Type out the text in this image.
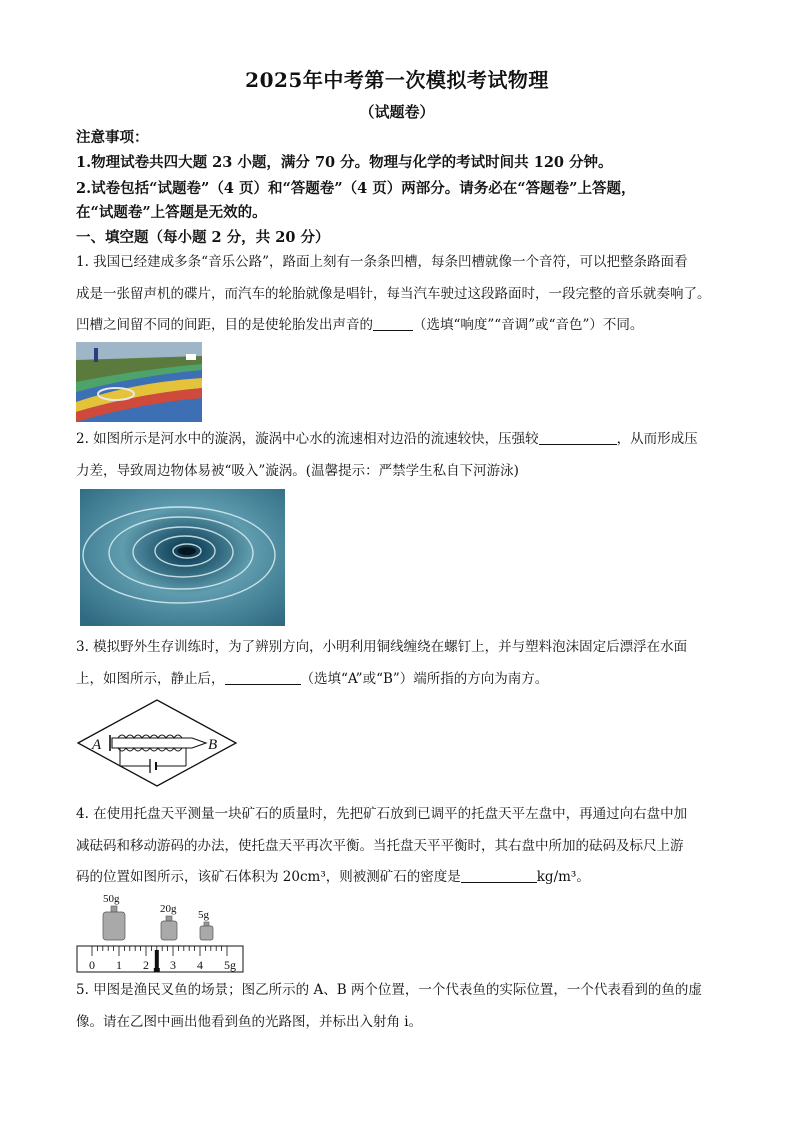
2025年中考第一次模拟考试物理
（试题卷）
注意事项：
1.物理试卷共四大题 23 小题，满分 70 分。物理与化学的考试时间共 120 分钟。
2.试卷包括“试题卷”（4 页）和“答题卷”（4 页）两部分。请务必在“答题卷”上答题，
在“试题卷”上答题是无效的。
一、填空题（每小题 2 分，共 20 分）
1. 我国已经建成多条“音乐公路”，路面上刻有一条条凹槽，每条凹槽就像一个音符，可以把整条路面看
成是一张留声机的碟片，而汽车的轮胎就像是唱针，每当汽车驶过这段路面时，一段完整的音乐就奏响了。
凹槽之间留不同的间距，目的是使轮胎发出声音的	（选填“响度”“音调”或“音色”）不同。
2. 如图所示是河水中的漩涡，漩涡中心水的流速相对边沿的流速较快，压强较	，从而形成压
力差，导致周边物体易被“吸入”漩涡。(温馨提示：严禁学生私自下河游泳)
3. 模拟野外生存训练时，为了辨别方向，小明利用铜线缠绕在螺钉上，并与塑料泡沫固定后漂浮在水面
上，如图所示，静止后，	（选填“A”或“B”）端所指的方向为南方。
A	B
4. 在使用托盘天平测量一块矿石的质量时，先把矿石放到已调平的托盘天平左盘中，再通过向右盘中加
减砝码和移动游码的办法，使托盘天平再次平衡。当托盘天平平衡时，其右盘中所加的砝码及标尺上游
码的位置如图所示，该矿石体积为 20cm³，则被测矿石的密度是	kg/m³。
50g
20g 5g
0 1 2 3 4 5g
5. 甲图是渔民叉鱼的场景；图乙所示的 A、B 两个位置，一个代表鱼的实际位置，一个代表看到的鱼的虚
像。请在乙图中画出他看到鱼的光路图，并标出入射角 i。
